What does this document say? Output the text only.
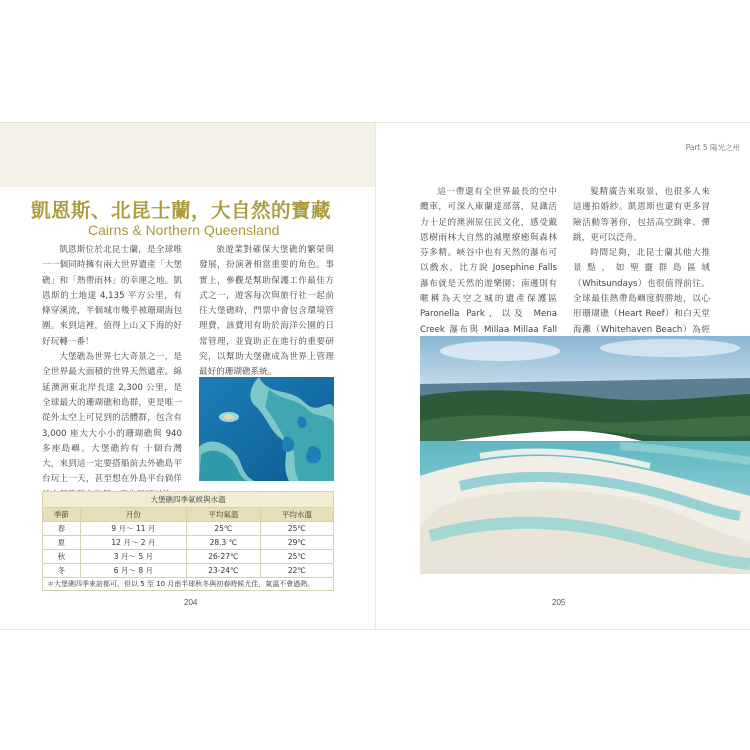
凱恩斯、北昆士蘭，大自然的寶藏
Cairns & Northern Queensland

凱恩斯位於北昆士蘭，是全球唯一一個同時擁有兩大世界遺產「大堡礁」和「熱帶雨林」的幸運之地。凱恩斯的土地達 4,135 平方公里，有條穿溪流，半個城市幾乎被珊瑚海包圍。來到這裡，值得上山又下海的好好玩轉一番！

大堡礁為世界七大奇景之一，是全世界最大面積的世界天然遺產。綿延澳洲東北岸長達 2,300 公里，是全球最大的珊瑚礁和島群，更是唯一從外太空上可見到的活體群，包含有 3,000 座大大小小的珊瑚礁與 940 多座島嶼。大堡礁約有 十個台灣大，來到這一定要搭船前去外礁島平台玩上一天，甚至想在外島平台倘佯

旅遊業對確保大堡礁的繁榮與發展，扮演著相當重要的角色。事實上，參觀是幫助保護工作最佳方式之一，遊客每次與旅行社一起前往大堡礁時，門票中會包含環境管理費，該費用有助於海洋公園的日常管理，並資助正在進行的重要研究，以幫助大堡礁成為世界上管理最好的珊瑚礁系統。

大堡礁四季氣候與水溫
季節	月份	平均氣溫	平均水溫
春	9 月～ 11 月	25℃	25℃
夏	12 月～ 2 月	28.3 ℃	29℃
秋	3 月～ 5 月	26-27℃	25℃
冬	6 月～ 8 月	23-24℃	22℃
＊大堡礁四季來訪都可，但以 5 至 10 月南半球秋冬與初春時候尤佳，氣溫不會過熱。
204
Part 5 陽光之州

這一帶還有全世界最長的空中纜車，可深入庫蘭達部落，見識活力十足的澳洲原住民文化，感受戴恩樹雨林大自然的減壓療癒與森林芬多精。峽谷中也有天然的瀑布可以戲水，比方說 Josephine Falls 瀑布就是天然的遊樂園；南邊則有暱稱為天空之城的遺產保護區 Paronella Park，以及 Mena Creek 瀑布與 Millaa Millaa Fall

髮精廣告來取景，也很多人來這邊拍婚紗。凱恩斯也還有更多冒險活動等著你，包括高空跳傘、彈跳，更可以泛舟。

時間足夠，北昆士蘭其他大推景點，如聖靈群島區域（Whitsundays）也很值得前往。全球最佳熱帶島嶼度假勝地，以心形珊瑚礁（Heart Reef）和白天堂海灘（Whitehaven Beach）為經

205
